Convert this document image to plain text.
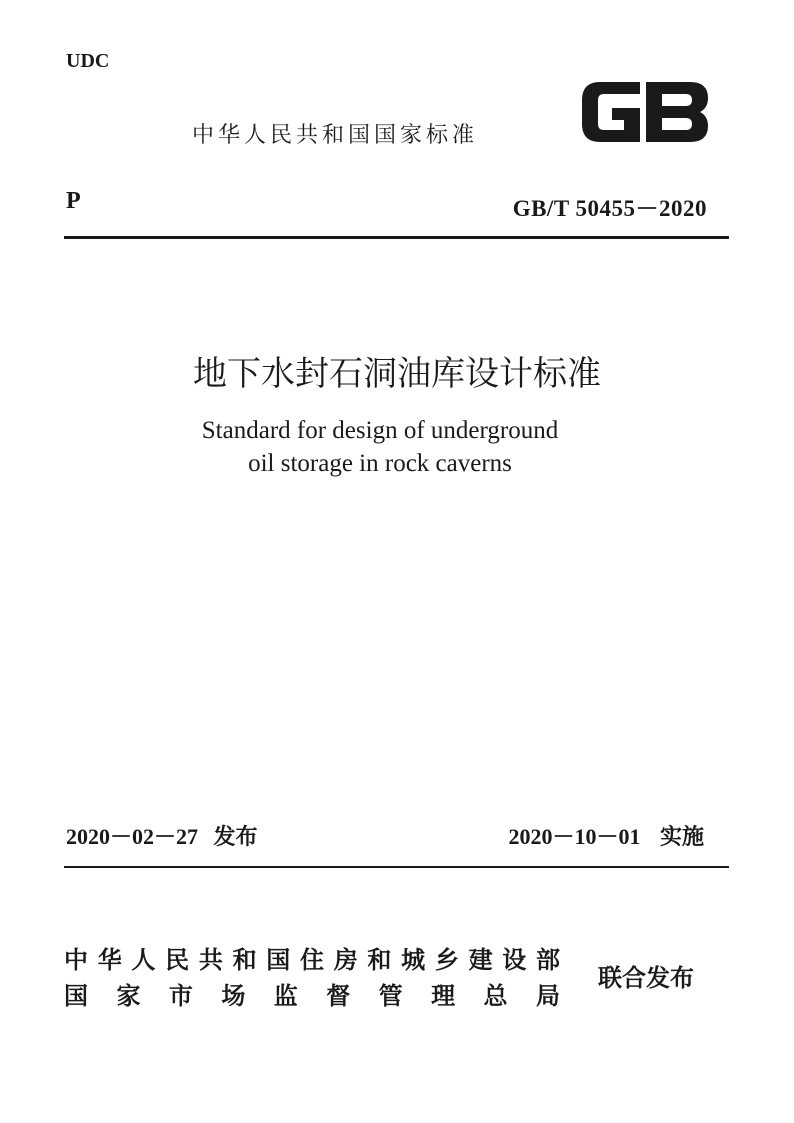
UDC
中华人民共和国国家标准
P	GB/T 50455－2020
地下水封石洞油库设计标准
Standard for design of underground
oil storage in rock caverns
2020－02－27 发布	2020－10－01 实施
中华人民共和国住房和城乡建设部
国家市场监督管理总局
联合发布
